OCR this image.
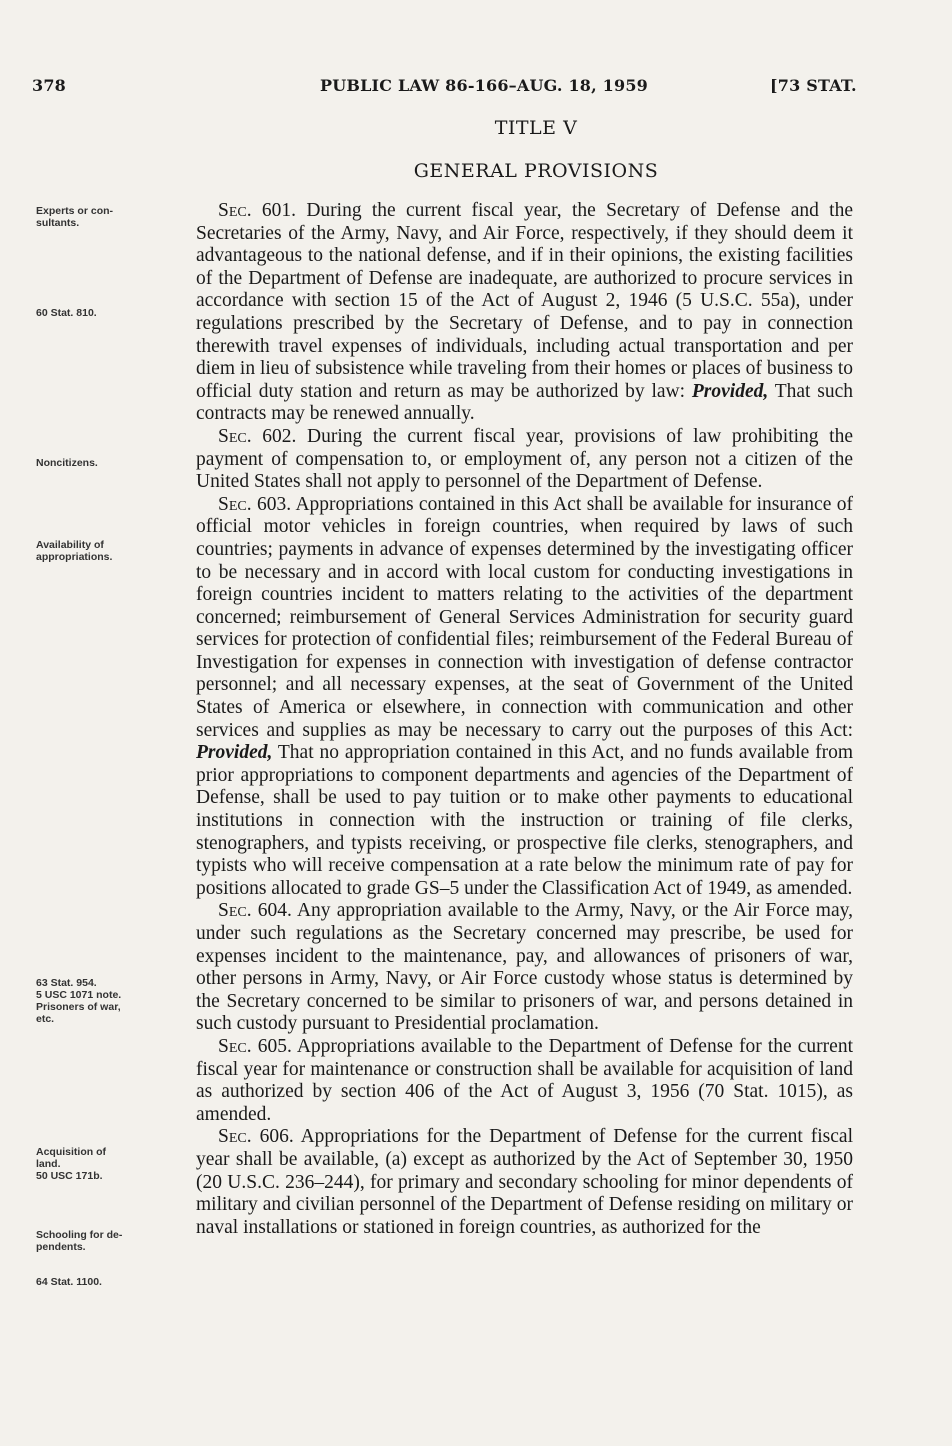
378	PUBLIC LAW 86-166–AUG. 18, 1959	[73 STAT.
TITLE V
GENERAL PROVISIONS
Experts or con-
sultants.
60 Stat. 810.
Noncitizens.
Availability of
appropriations.
63 Stat. 954.
5 USC 1071 note.
Prisoners of war,
etc.
Acquisition of
land.
50 USC 171b.
Schooling for de-
pendents.
64 Stat. 1100.

Sec. 601. During the current fiscal year, the Secretary of Defense and the Secretaries of the Army, Navy, and Air Force, respectively, if they should deem it advantageous to the national defense, and if in their opinions, the existing facilities of the Department of Defense are inadequate, are authorized to procure services in accordance with section 15 of the Act of August 2, 1946 (5 U.S.C. 55a), under regulations prescribed by the Secretary of Defense, and to pay in connection therewith travel expenses of individuals, including actual transportation and per diem in lieu of subsistence while traveling from their homes or places of business to official duty station and return as may be authorized by law: Provided, That such contracts may be renewed annually.

Sec. 602. During the current fiscal year, provisions of law prohibiting the payment of compensation to, or employment of, any person not a citizen of the United States shall not apply to personnel of the Department of Defense.

Sec. 603. Appropriations contained in this Act shall be available for insurance of official motor vehicles in foreign countries, when required by laws of such countries; payments in advance of expenses determined by the investigating officer to be necessary and in accord with local custom for conducting investigations in foreign countries incident to matters relating to the activities of the department concerned; reimbursement of General Services Administration for security guard services for protection of confidential files; reimbursement of the Federal Bureau of Investigation for expenses in connection with investigation of defense contractor personnel; and all necessary expenses, at the seat of Government of the United States of America or elsewhere, in connection with communication and other services and supplies as may be necessary to carry out the purposes of this Act: Provided, That no appropriation contained in this Act, and no funds available from prior appropriations to component departments and agencies of the Department of Defense, shall be used to pay tuition or to make other payments to educational institutions in connection with the instruction or training of file clerks, stenographers, and typists receiving, or prospective file clerks, stenographers, and typists who will receive compensation at a rate below the minimum rate of pay for positions allocated to grade GS–5 under the Classification Act of 1949, as amended.

Sec. 604. Any appropriation available to the Army, Navy, or the Air Force may, under such regulations as the Secretary concerned may prescribe, be used for expenses incident to the maintenance, pay, and allowances of prisoners of war, other persons in Army, Navy, or Air Force custody whose status is determined by the Secretary concerned to be similar to prisoners of war, and persons detained in such custody pursuant to Presidential proclamation.

Sec. 605. Appropriations available to the Department of Defense for the current fiscal year for maintenance or construction shall be available for acquisition of land as authorized by section 406 of the Act of August 3, 1956 (70 Stat. 1015), as amended.

Sec. 606. Appropriations for the Department of Defense for the current fiscal year shall be available, (a) except as authorized by the Act of September 30, 1950 (20 U.S.C. 236–244), for primary and secondary schooling for minor dependents of military and civilian personnel of the Department of Defense residing on military or naval installations or stationed in foreign countries, as authorized for the
